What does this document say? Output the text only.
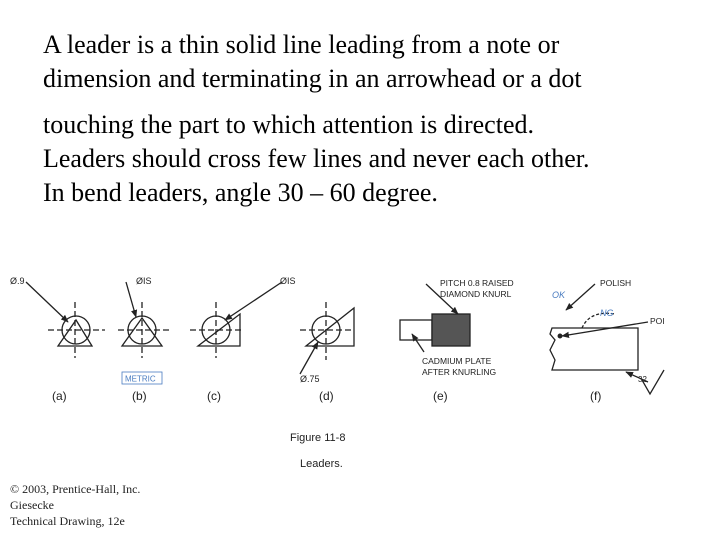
A leader is a thin solid line leading from a note or
dimension and terminating in an arrowhead or a dot

touching the part to which attention is directed.
Leaders should cross few lines and never each other.
In bend leaders, angle 30 – 60 degree.

Ø.9	ØIS	ØIS
Ø.75
METRIC
PITCH 0.8 RAISED
DIAMOND KNURL
CADMIUM PLATE
AFTER KNURLING
POLISH
OK
NG
POI
32
(a)	(b)	(c)	(d)	(e)	(f)
Figure 11-8
Leaders.
© 2003, Prentice-Hall, Inc.
Giesecke
Technical Drawing, 12e
